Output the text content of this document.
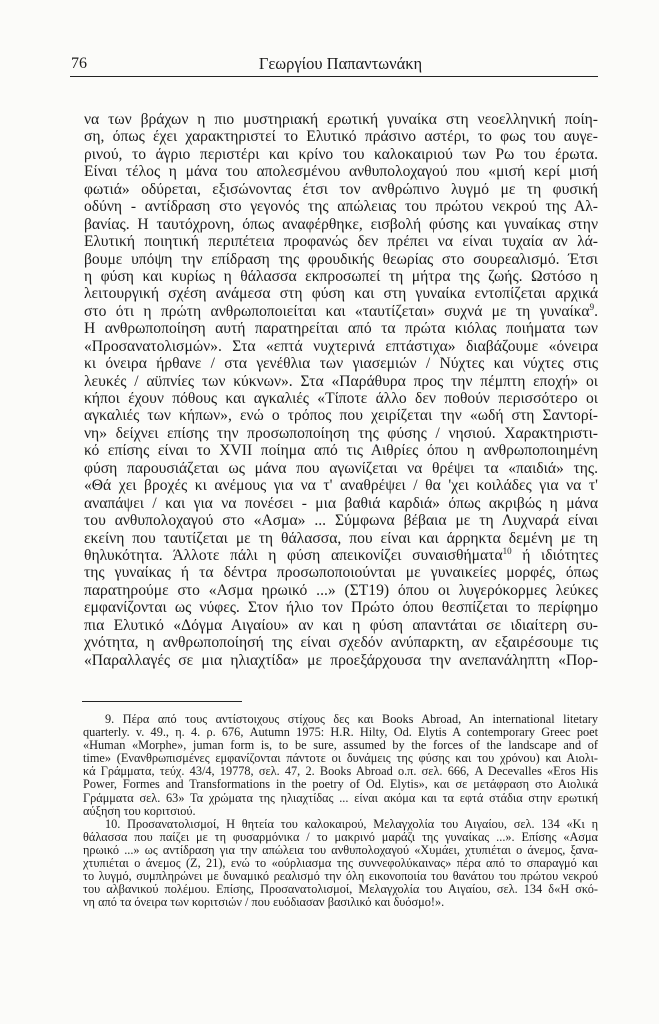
76	Γεωργίου Παπαντωνάκη
να των βράχων η πιο μυστηριακή ερωτική γυναίκα στη νεοελληνική ποίη-
ση, όπως έχει χαρακτηριστεί το Ελυτικό πράσινο αστέρι, το φως του αυγε-
ρινού, το άγριο περιστέρι και κρίνο του καλοκαιριού των Ρω του έρωτα.
Είναι τέλος η μάνα του απολεσμένου ανθυπολοχαγού που «μισή κερί μισή
φωτιά» οδύρεται, εξισώνοντας έτσι τον ανθρώπινο λυγμό με τη φυσική
οδύνη - αντίδραση στο γεγονός της απώλειας του πρώτου νεκρού της Αλ-
βανίας. Η ταυτόχρονη, όπως αναφέρθηκε, εισβολή φύσης και γυναίκας στην
Ελυτική ποιητική περιπέτεια προφανώς δεν πρέπει να είναι τυχαία αν λά-
βουμε υπόψη την επίδραση της φρουδικής θεωρίας στο σουρεαλισμό. Έτσι
η φύση και κυρίως η θάλασσα εκπροσωπεί τη μήτρα της ζωής. Ωστόσο η
λειτουργική σχέση ανάμεσα στη φύση και στη γυναίκα εντοπίζεται αρχικά
στο ότι η πρώτη ανθρωποποιείται και «ταυτίζεται» συχνά με τη γυναίκα$^9$.
Η ανθρωποποίηση αυτή παρατηρείται από τα πρώτα κιόλας ποιήματα των
«Προσανατολισμών». Στα «επτά νυχτερινά επτάστιχα» διαβάζουμε «όνειρα
κι όνειρα ήρθανε / στα γενέθλια των γιασεμιών / Νύχτες και νύχτες στις
λευκές / αϋπνίες των κύκνων». Στα «Παράθυρα προς την πέμπτη εποχή» οι
κήποι έχουν πόθους και αγκαλιές «Τίποτε άλλο δεν ποθούν περισσότερο οι
αγκαλιές των κήπων», ενώ ο τρόπος που χειρίζεται την «ωδή στη Σαντορί-
νη» δείχνει επίσης την προσωποποίηση της φύσης / νησιού. Χαρακτηριστι-
κό επίσης είναι το XVII ποίημα από τις Αιθρίες όπου η ανθρωποποιημένη
φύση παρουσιάζεται ως μάνα που αγωνίζεται να θρέψει τα «παιδιά» της.
«Θά χει βροχές κι ανέμους για να τ' αναθρέψει / θα 'χει κοιλάδες για να τ'
αναπάψει / και για να πονέσει - μια βαθιά καρδιά» όπως ακριβώς η μάνα
του ανθυπολοχαγού στο «Ασμα» ... Σύμφωνα βέβαια με τη Λυχναρά είναι
εκείνη που ταυτίζεται με τη θάλασσα, που είναι και άρρηκτα δεμένη με τη
θηλυκότητα. Άλλοτε πάλι η φύση απεικονίζει συναισθήματα$^{10}$ ή ιδιότητες
της γυναίκας ή τα δέντρα προσωποποιούνται με γυναικείες μορφές, όπως
παρατηρούμε στο «Ασμα ηρωικό ...» (ΣΤ19) όπου οι λυγερόκορμες λεύκες
εμφανίζονται ως νύφες. Στον ήλιο τον Πρώτο όπου θεσπίζεται το περίφημο
πια Ελυτικό «Δόγμα Αιγαίου» αν και η φύση απαντάται σε ιδιαίτερη συ-
χνότητα, η ανθρωποποίησή της είναι σχεδόν ανύπαρκτη, αν εξαιρέσουμε τις
«Παραλλαγές σε μια ηλιαχτίδα» με προεξάρχουσα την ανεπανάληπτη «Πορ-
9. Πέρα από τους αντίστοιχους στίχους δες και Books Abroad, An international litetary
quarterly. v. 49., η. 4. ρ. 676, Autumn 1975: H.R. Hilty, Od. Elytis A contemporary Greec poet
«Human «Morphe», juman form is, to be sure, assumed by the forces of the landscape and of
time» (Ενανθρωπισμένες εμφανίζονται πάντοτε οι δυνάμεις της φύσης και του χρόνου) και Αιολι-
κά Γράμματα, τεύχ. 43/4, 19778, σελ. 47, 2. Books Abroad ο.π. σελ. 666, A Decevalles «Eros His
Power, Formes and Transformations in the poetry of Od. Elytis», και σε μετάφραση στο Αιολικά
Γράμματα σελ. 63» Τα χρώματα της ηλιαχτίδας ... είναι ακόμα και τα εφτά στάδια στην ερωτική
αύξηση του κοριτσιού.
10. Προσανατολισμοί, Η θητεία του καλοκαιρού, Μελαγχολία του Αιγαίου, σελ. 134 «Κι η
θάλασσα που παίζει με τη φυσαρμόνικα / το μακρινό μαράζι της γυναίκας ...». Επίσης «Ασμα
ηρωικό ...» ως αντίδραση για την απώλεια του ανθυπολοχαγού «Χυμάει, χτυπιέται ο άνεμος, ξανα-
χτυπιέται ο άνεμος (Ζ, 21), ενώ το «ούρλιασμα της συννεφολύκαινας» πέρα από το σπαραγμό και
το λυγμό, συμπληρώνει με δυναμικό ρεαλισμό την όλη εικονοποιία του θανάτου του πρώτου νεκρού
του αλβανικού πολέμου. Επίσης, Προσανατολισμοί, Μελαγχολία του Αιγαίου, σελ. 134 δ«Η σκό-
νη από τα όνειρα των κοριτσιών / που ευόδιασαν βασιλικό και δυόσμο!».
